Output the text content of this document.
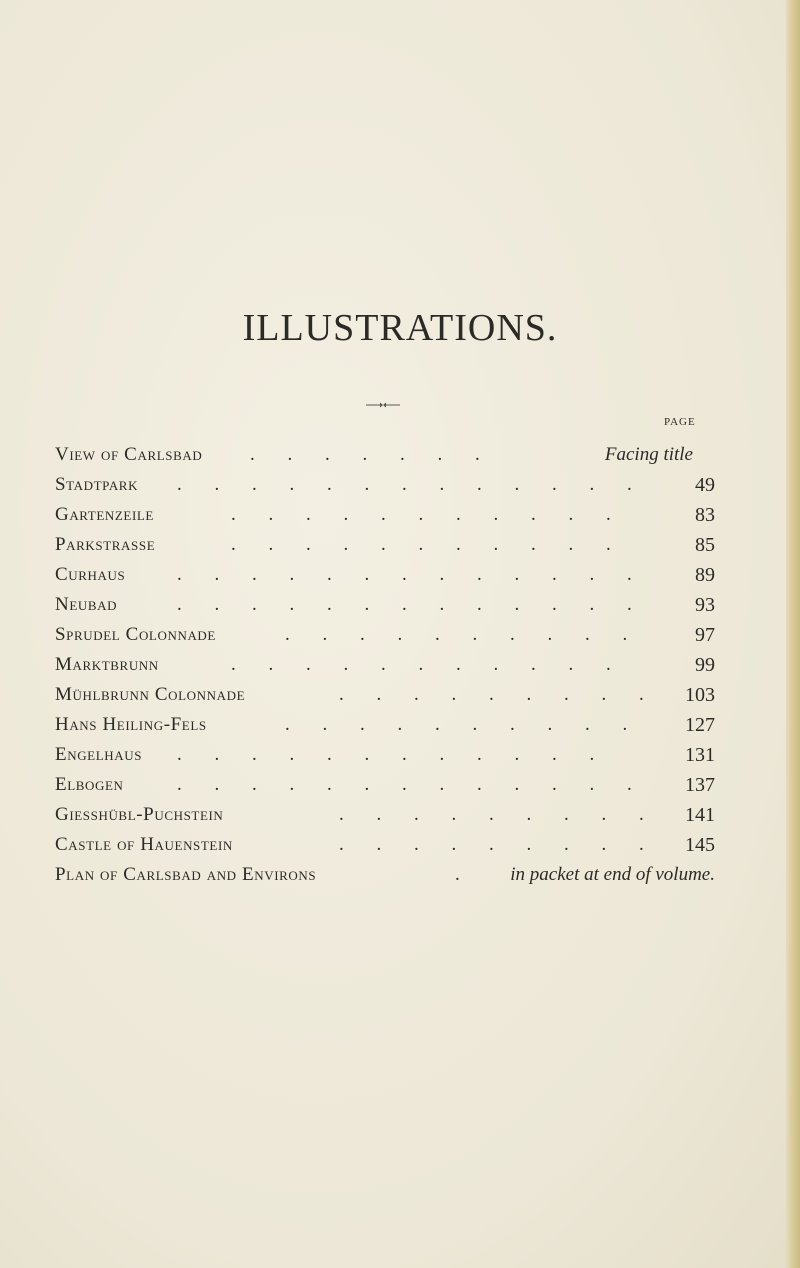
ILLUSTRATIONS.
PAGE
View of Carlsbad	. . . . . . .	Facing title
Stadtpark . . . . . . . . . . . . .	49
Gartenzeile	. . . . . . . . . . .	83
Parkstrasse	. . . . . . . . . . .	85
Curhaus	. . . . . . . . . . . . .	89
Neubad	. . . . . . . . . . . . .	93
Sprudel Colonnade	. . . . . . . . . .	97
Marktbrunn	. . . . . . . . . . .	99
Mühlbrunn Colonnade	. . . . . . . . .	103
Hans Heiling-Fels	. . . . . . . . . .	127
Engelhaus . . . . . . . . . . . .	131
Elbogen	. . . . . . . . . . . . .	137
Giesshübl-Puchstein	. . . . . . . . .	141
Castle of Hauenstein	. . . . . . . . .	145
Plan of Carlsbad and Environs	. in packet at end of volume.
